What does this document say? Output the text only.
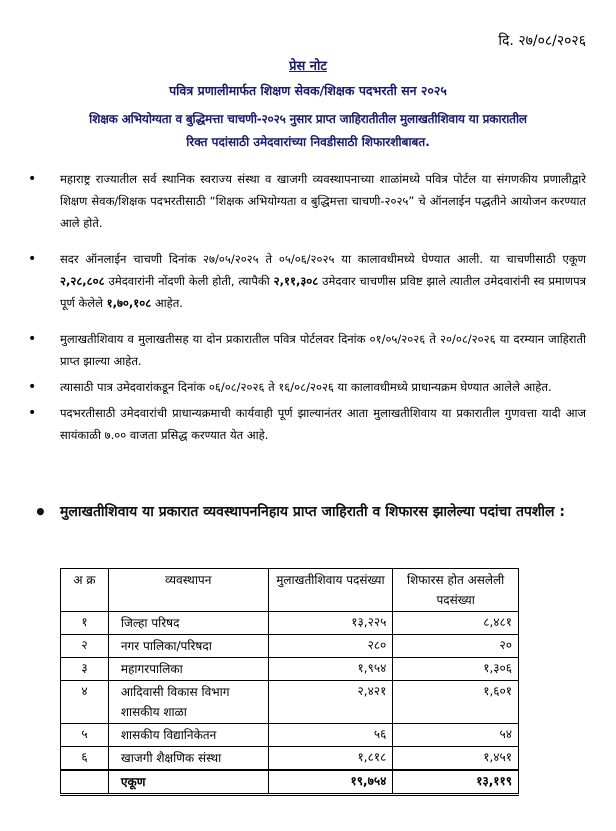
दि. २७/०८/२०२६
प्रेस नोट
पवित्र प्रणालीमार्फत शिक्षण सेवक/शिक्षक पदभरती सन २०२५
शिक्षक अभियोग्यता व बुद्धिमत्ता चाचणी-२०२५ नुसार प्राप्त जाहिरातीतील मुलाखतीशिवाय या प्रकारातील
रिक्त पदांसाठी उमेदवारांच्या निवडीसाठी शिफारशीबाबत.
• महाराष्ट्र राज्यातील सर्व स्थानिक स्वराज्य संस्था व खाजगी व्यवस्थापनाच्या शाळांमध्ये पवित्र पोर्टल या संगणकीय प्रणालीद्वारे शिक्षण सेवक/शिक्षक पदभरतीसाठी “शिक्षक अभियोग्यता व बुद्धिमत्ता चाचणी-२०२५” चे ऑनलाईन पद्धतीने आयोजन करण्यात आले होते.
• सदर ऑनलाईन चाचणी दिनांक २७/०५/२०२५ ते ०५/०६/२०२५ या कालावधीमध्ये घेण्यात आली. या चाचणीसाठी एकूण २,२८,८०८ उमेदवारांनी नोंदणी केली होती, त्यापैकी २,११,३०८ उमेदवार चाचणीस प्रविष्ट झाले त्यातील उमेदवारांनी स्व प्रमाणपत्र पूर्ण केलेले १,७०,१०८ आहेत.
• मुलाखतीशिवाय व मुलाखतीसह या दोन प्रकारातील पवित्र पोर्टलवर दिनांक ०१/०५/२०२६ ते २०/०८/२०२६ या दरम्यान जाहिराती प्राप्त झाल्या आहेत.
• त्यासाठी पात्र उमेदवारांकडून दिनांक ०६/०८/२०२६ ते १६/०८/२०२६ या कालावधीमध्ये प्राधान्यक्रम घेण्यात आलेले आहेत.
• पदभरतीसाठी उमेदवारांची प्राधान्यक्रमाची कार्यवाही पूर्ण झाल्यानंतर आता मुलाखतीशिवाय या प्रकारातील गुणवत्ता यादी आज सायंकाळी ७.०० वाजता प्रसिद्ध करण्यात येत आहे.
• मुलाखतीशिवाय या प्रकारात व्यवस्थापननिहाय प्राप्त जाहिराती व शिफारस झालेल्या पदांचा तपशील :
अ क्र	व्यवस्थापन	मुलाखतीशिवाय पदसंख्या	शिफारस होत असलेली पदसंख्या
१	जिल्हा परिषद	१३,२२५	८,४८१
२	नगर पालिका/परिषदा	२८०	२०
३	महागरपालिका	१,९५४	१,३०६
४	आदिवासी विकास विभाग शासकीय शाळा	२,४२१	१,६०१
५	शासकीय विद्यानिकेतन	५६	५४
६	खाजगी शैक्षणिक संस्था	१,८१८	१,४५१
	एकूण	१९,७५४	१३,११९
